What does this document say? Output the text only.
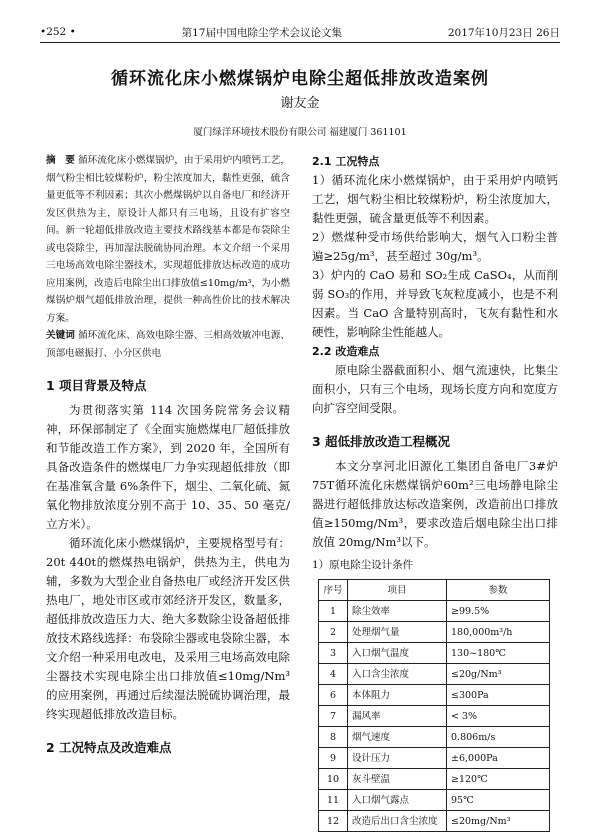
•252 •	第17届中国电除尘学术会议论文集	2017年10月23日 26日
循环流化床小燃煤锅炉电除尘超低排放改造案例
谢友金
厦门绿洋环境技术股份有限公司 福建厦门 361101

摘　要 循环流化床小燃煤锅炉，由于采用炉内喷钙工艺，烟气粉尘相比较煤粉炉，粉尘浓度加大，黏性更强，硫含量更低等不利因素；其次小燃煤锅炉以自备电厂和经济开发区供热为主，原设计人都只有三电场，且设有扩容空间。新一轮超低排放改造主要技术路线基本都是布袋除尘或电袋除尘，再加湿法脱硫协同治理。本文介绍一个采用三电场高效电除尘器技术，实现超低排放达标改造的成功应用案例，改造后电除尘出口排放值≤10mg/m³，为小燃煤锅炉烟气超低排放治理，提供一种高性价比的技术解决方案。

关键词 循环流化床、高效电除尘器、三相高效敏冲电源、顶部电磁振打、小分区供电

1 项目背景及特点

为贯彻落实第 114 次国务院常务会议精神，环保部制定了《全面实施燃煤电厂超低排放和节能改造工作方案》，到 2020 年，全国所有具备改造条件的燃煤电厂力争实现超低排放（即在基准氧含量 6%条件下，烟尘、二氧化硫、氮氧化物排放浓度分别不高于 10、35、50 毫克/立方米）。

循环流化床小燃煤锅炉，主要规格型号有：20t 440t的燃煤热电锅炉，供热为主，供电为辅，多数为大型企业自备热电厂或经济开发区供热电厂，地处市区或市郊经济开发区，数量多，超低排放改造压力大、绝大多数除尘设备超低排放技术路线选择：布袋除尘器或电袋除尘器，本文介绍一种采用电改电，及采用三电场高效电除尘器技术实现电除尘出口排放值≤10mg/Nm³的应用案例，再通过后续湿法脱硫协调治理，最终实现超低排放改造目标。

2 工况特点及改造难点
2.1 工况特点

1）循环流化床小燃煤锅炉，由于采用炉内喷钙工艺，烟气粉尘相比较煤粉炉，粉尘浓度加大，黏性更强，硫含量更低等不利因素。

2）燃煤种受市场供给影响大，烟气入口粉尘普遍≥25g/m³，甚至超过 30g/m³。

3）炉内的 CaO 易和 SO₂生成 CaSO₄，从而削弱 SO₃的作用，并导致飞灰粒度减小，也是不利因素。当 CaO 含量特别高时，飞灰有黏性和水硬性，影响除尘性能越人。

2.2 改造难点

原电除尘器截面积小、烟气流速快，比集尘面积小，只有三个电场，现场长度方向和宽度方向扩容空间受限。

3 超低排放改造工程概况

本文分享河北旧源化工集团自备电厂3#炉75T循环流化床燃煤锅炉60m²三电场静电除尘器进行超低排放达标改造案例，改造前出口排放值≥150mg/Nm³，要求改造后烟电除尘出口排放值 20mg/Nm³以下。

1）原电除尘设计条件

序号	项目	参数
1	除尘效率	≥99.5%
2	处理烟气量	180,000m³/h
3	入口烟气温度	130~180℃
4	入口含尘浓度	≤20g/Nm³
6	本体阻力	≤300Pa
7	漏风率	< 3%
8	烟气速度	0.806m/s
9	设计压力	±6,000Pa
10	灰斗壁温	≥120℃
11	入口烟气露点	95℃
12	改造后出口含尘浓度	≤20mg/Nm³
